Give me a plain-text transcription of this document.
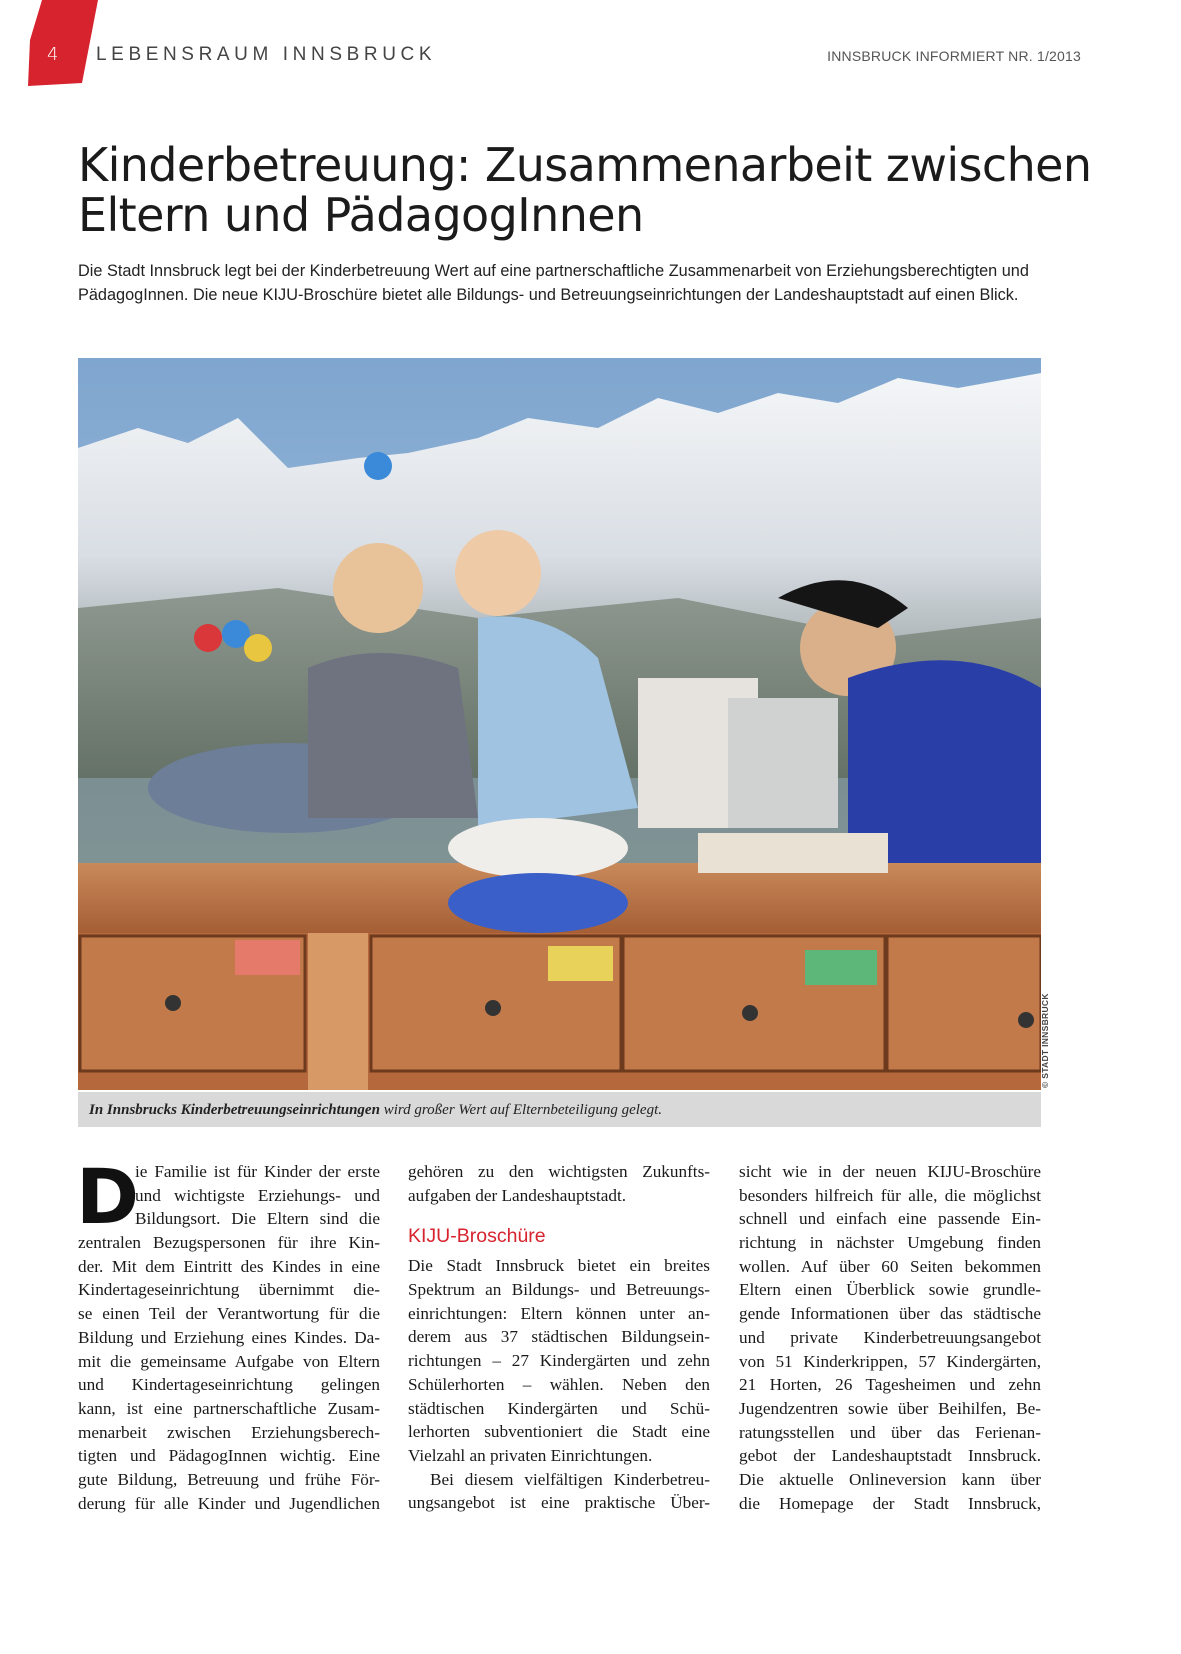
4 LEBENSRAUM INNSBRUCK	INNSBRUCK INFORMIERT NR. 1/2013
Kinderbetreuung: Zusammenarbeit zwischen
Eltern und PädagogInnen
Die Stadt Innsbruck legt bei der Kinderbetreuung Wert auf eine partnerschaftliche Zusammenarbeit von Erziehungsberechtigten und PädagogInnen. Die neue KIJU-Broschüre bietet alle Bildungs- und Betreuungseinrichtungen der Landeshauptstadt auf einen Blick.
© STADT INNSBRUCK
In Innsbrucks Kinderbetreuungseinrichtungen wird großer Wert auf Elternbeteiligung gelegt.
D
ie Familie ist für Kinder der erste
und wichtigste Erziehungs- und
Bildungsort. Die Eltern sind die
zentralen Bezugspersonen für ihre Kin-
der. Mit dem Eintritt des Kindes in eine
Kindertageseinrichtung übernimmt die-
se einen Teil der Verantwortung für die
Bildung und Erziehung eines Kindes. Da-
mit die gemeinsame Aufgabe von Eltern
und Kindertageseinrichtung gelingen
kann, ist eine partnerschaftliche Zusam-
menarbeit zwischen Erziehungsberech-
tigten und PädagogInnen wichtig. Eine
gute Bildung, Betreuung und frühe För-
derung für alle Kinder und Jugendlichen
gehören zu den wichtigsten Zukunfts-
aufgaben der Landeshauptstadt.
KIJU-Broschüre
Die Stadt Innsbruck bietet ein breites
Spektrum an Bildungs- und Betreuungs-
einrichtungen: Eltern können unter an-
derem aus 37 städtischen Bildungsein-
richtungen – 27 Kindergärten und zehn
Schülerhorten – wählen. Neben den
städtischen Kindergärten und Schü-
lerhorten subventioniert die Stadt eine
Vielzahl an privaten Einrichtungen.
Bei diesem vielfältigen Kinderbetreu-
ungsangebot ist eine praktische Über-
sicht wie in der neuen KIJU-Broschüre
besonders hilfreich für alle, die möglichst
schnell und einfach eine passende Ein-
richtung in nächster Umgebung finden
wollen. Auf über 60 Seiten bekommen
Eltern einen Überblick sowie grundle-
gende Informationen über das städtische
und private Kinderbetreuungsangebot
von 51 Kinderkrippen, 57 Kindergärten,
21 Horten, 26 Tagesheimen und zehn
Jugendzentren sowie über Beihilfen, Be-
ratungsstellen und über das Ferienan-
gebot der Landeshauptstadt Innsbruck.
Die aktuelle Onlineversion kann über
die Homepage der Stadt Innsbruck,
